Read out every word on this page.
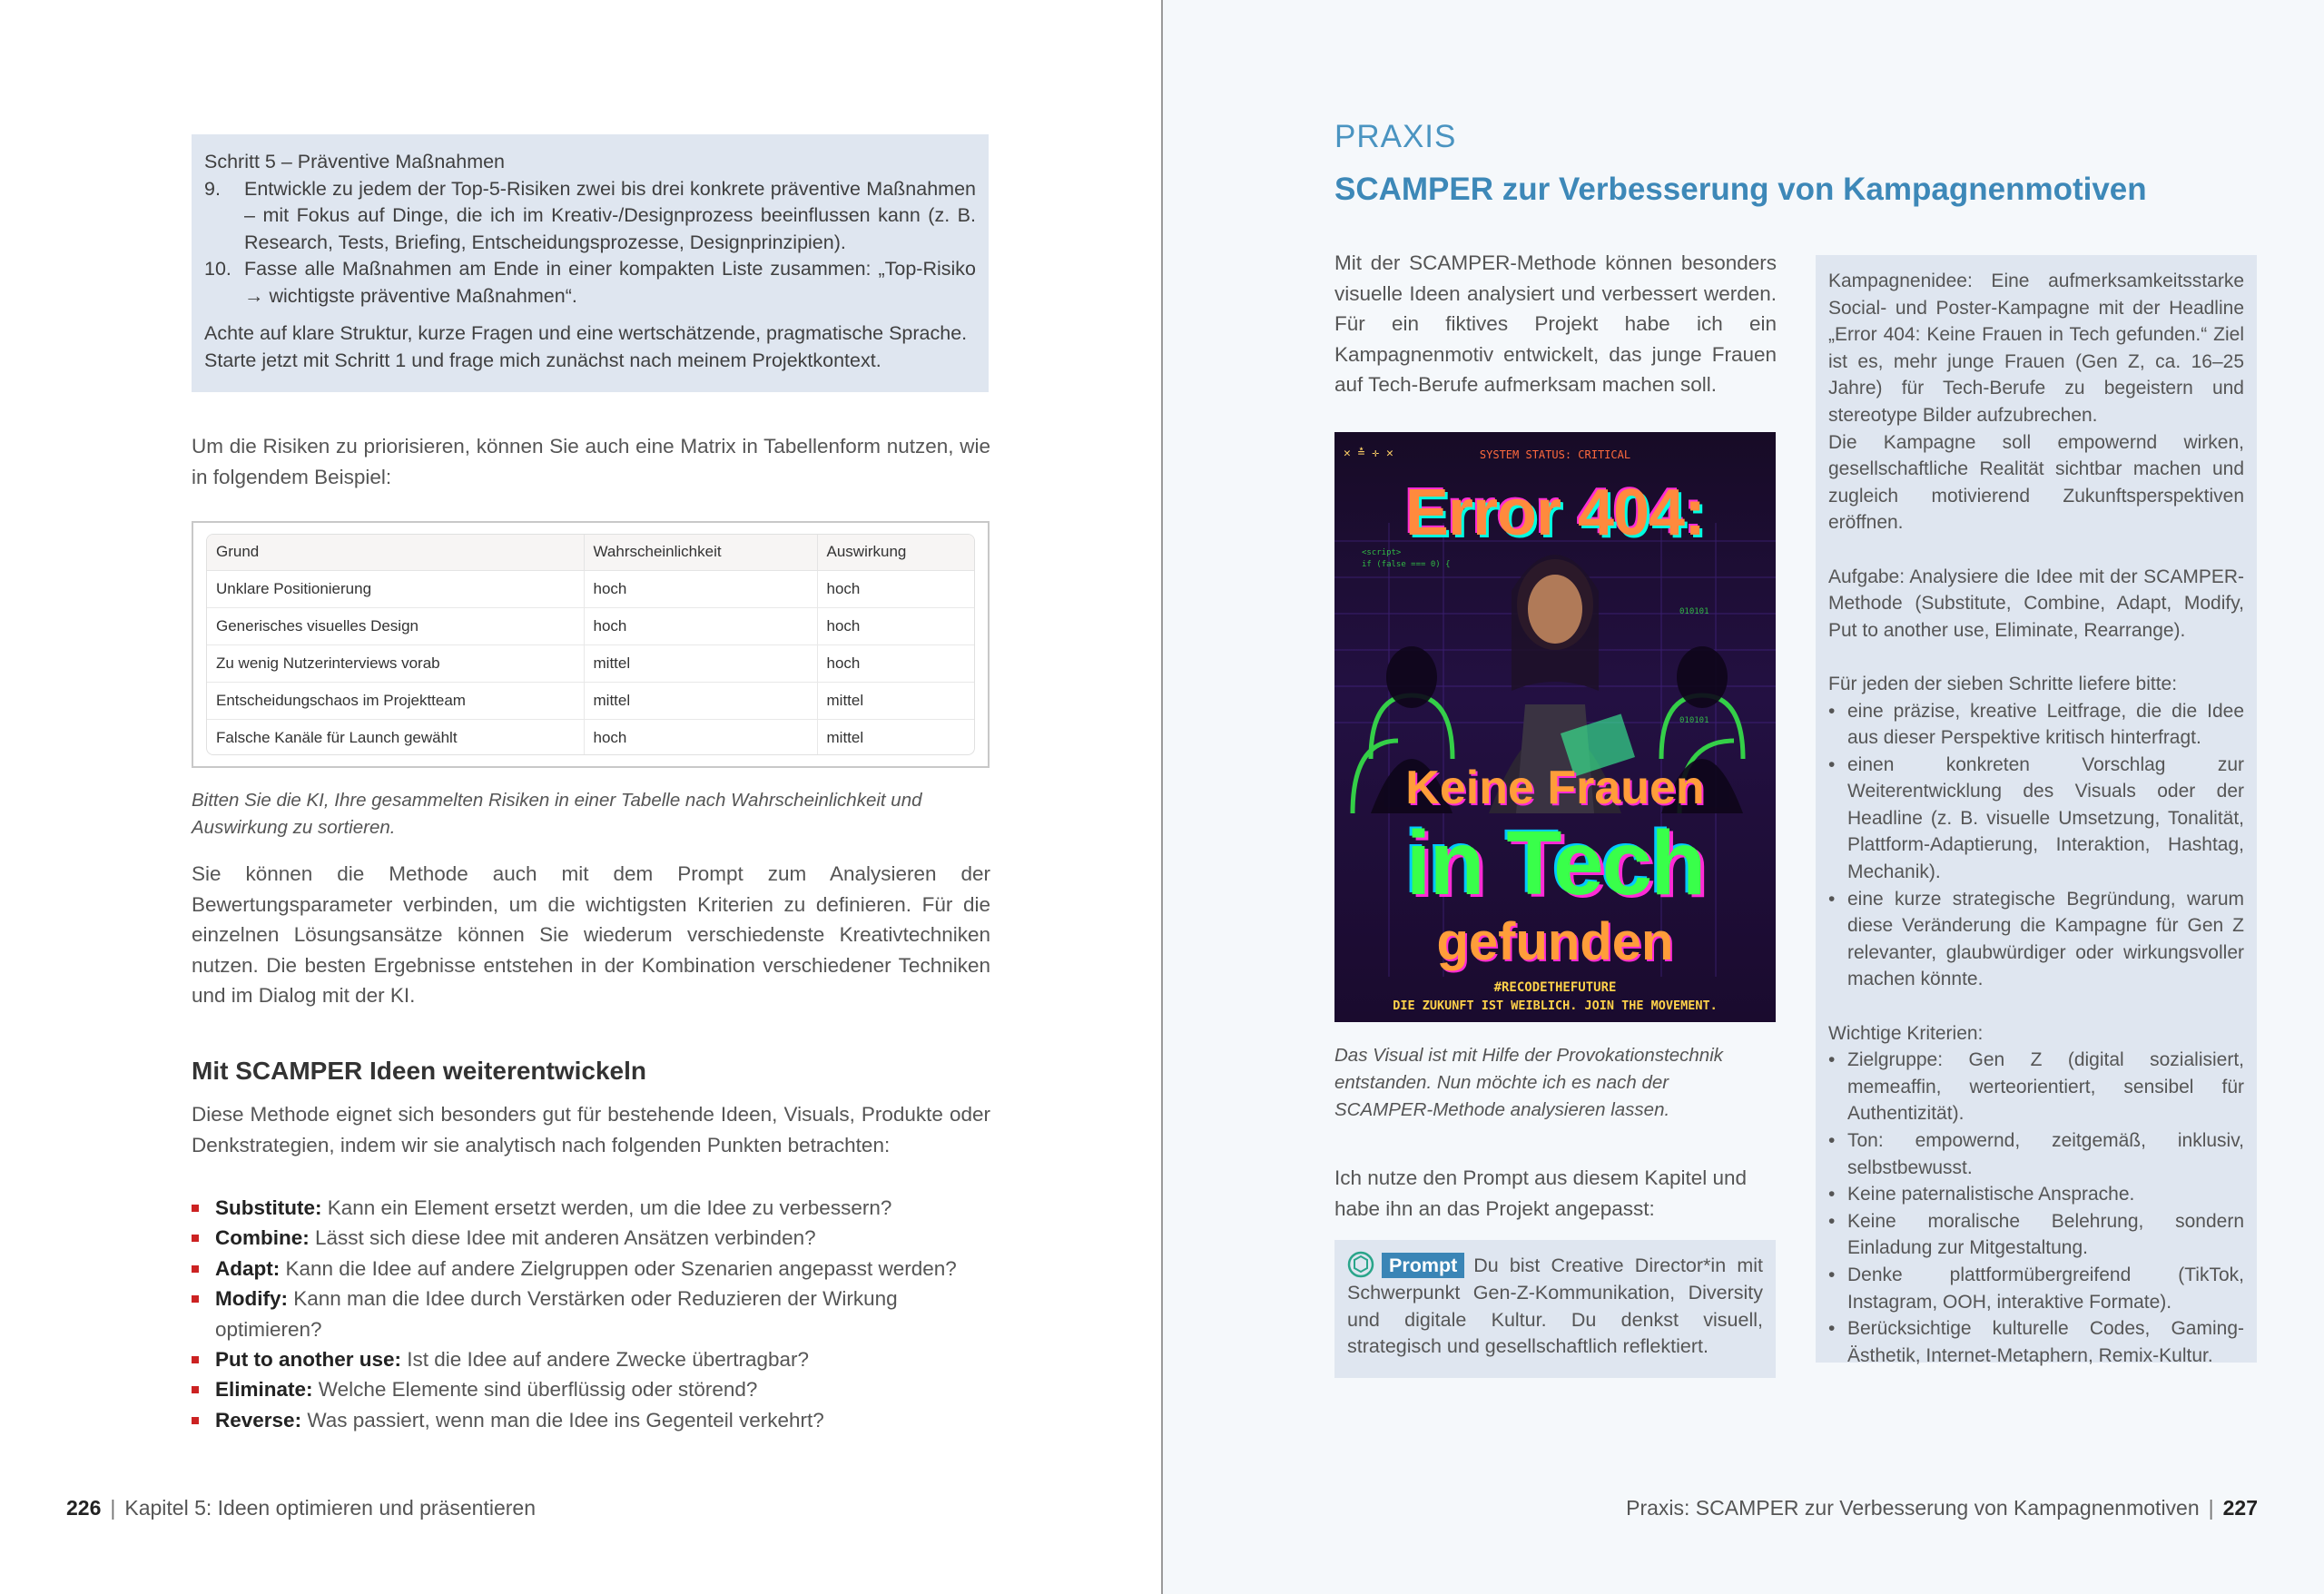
Schritt 5 – Präventive Maßnahmen
9.	Entwickle zu jedem der Top-5-Risiken zwei bis drei konkrete präventive Maßnahmen – mit Fokus auf Dinge, die ich im Kreativ-/Designprozess beeinflussen kann (z. B. Research, Tests, Briefing, Entscheidungsprozesse, Designprinzipien).
10. Fasse alle Maßnahmen am Ende in einer kompakten Liste zusammen: „Top-Risiko → wichtigste präventive Maßnahmen“.
Achte auf klare Struktur, kurze Fragen und eine wertschätzende, pragmatische Sprache. Starte jetzt mit Schritt 1 und frage mich zunächst nach meinem Projektkontext.

Um die Risiken zu priorisieren, können Sie auch eine Matrix in Tabellenform nutzen, wie in folgendem Beispiel:

Grund	Wahrscheinlichkeit	Auswirkung
Unklare Positionierung	hoch	hoch
Generisches visuelles Design	hoch	hoch
Zu wenig Nutzerinterviews vorab	mittel	hoch
Entscheidungschaos im Projektteam	mittel	mittel
Falsche Kanäle für Launch gewählt	hoch	mittel

Bitten Sie die KI, Ihre gesammelten Risiken in einer Tabelle nach Wahrscheinlichkeit und Auswirkung zu sortieren.

Sie können die Methode auch mit dem Prompt zum Analysieren der Bewertungsparameter verbinden, um die wichtigsten Kriterien zu definieren. Für die einzelnen Lösungsansätze können Sie wiederum verschiedenste Kreativtechniken nutzen. Die besten Ergebnisse entstehen in der Kombination verschiedener Techniken und im Dialog mit der KI.

Mit SCAMPER Ideen weiterentwickeln

Diese Methode eignet sich besonders gut für bestehende Ideen, Visuals, Produkte oder Denkstrategien, indem wir sie analytisch nach folgenden Punkten betrachten:

Substitute: Kann ein Element ersetzt werden, um die Idee zu verbessern?
Combine: Lässt sich diese Idee mit anderen Ansätzen verbinden?
Adapt: Kann die Idee auf andere Zielgruppen oder Szenarien angepasst werden?
Modify: Kann man die Idee durch Verstärken oder Reduzieren der Wirkung optimieren?
Put to another use: Ist die Idee auf andere Zwecke übertragbar?
Eliminate: Welche Elemente sind überflüssig oder störend?
Reverse: Was passiert, wenn man die Idee ins Gegenteil verkehrt?
226 | Kapitel 5: Ideen optimieren und präsentieren
PRAXIS
SCAMPER zur Verbesserung von Kampagnenmotiven

Mit der SCAMPER-Methode können besonders visuelle Ideen analysiert und verbessert werden. Für ein fiktives Projekt habe ich ein Kampagnenmotiv entwickelt, das junge Frauen auf Tech-Berufe aufmerksam machen soll.

<script>
if (false === 0) {
010101
010101
✕ ≛ ✛ ✕	SYSTEM STATUS: CRITICAL
Error 404:
Keine Frauen
in Tech
gefunden
#RECODETHEFUTURE
DIE ZUKUNFT IST WEIBLICH. JOIN THE MOVEMENT.

Das Visual ist mit Hilfe der Provokationstechnik entstanden. Nun möchte ich es nach der SCAMPER-Methode analysieren lassen.

Ich nutze den Prompt aus diesem Kapitel und habe ihn an das Projekt angepasst:

Prompt Du bist Creative Director*in mit Schwerpunkt Gen-Z-Kommunikation, Diversity und digitale Kultur. Du denkst visuell, strategisch und gesellschaftlich reflektiert.
Kampagnenidee: Eine aufmerksamkeitsstarke Social- und Poster-Kampagne mit der Headline „Error 404: Keine Frauen in Tech gefunden.“ Ziel ist es, mehr junge Frauen (Gen Z, ca. 16–25 Jahre) für Tech-Berufe zu begeistern und stereotype Bilder aufzubrechen.
Die Kampagne soll empowernd wirken, gesellschaftliche Realität sichtbar machen und zugleich motivierend Zukunftsperspektiven eröffnen.
Aufgabe: Analysiere die Idee mit der SCAMPER-Methode (Substitute, Combine, Adapt, Modify, Put to another use, Eliminate, Rearrange).
Für jeden der sieben Schritte liefere bitte:
• eine präzise, kreative Leitfrage, die die Idee aus dieser Perspektive kritisch hinterfragt.
• einen konkreten Vorschlag zur Weiterentwicklung des Visuals oder der Headline (z. B. visuelle Umsetzung, Tonalität, Plattform-Adaptierung, Interaktion, Hashtag, Mechanik).
• eine kurze strategische Begründung, warum diese Veränderung die Kampagne für Gen Z relevanter, glaubwürdiger oder wirkungsvoller machen könnte.
Wichtige Kriterien:
• Zielgruppe: Gen Z (digital sozialisiert, memeaffin, werteorientiert, sensibel für Authentizität).
• Ton: empowernd, zeitgemäß, inklusiv, selbstbewusst.
• Keine paternalistische Ansprache.
• Keine moralische Belehrung, sondern Einladung zur Mitgestaltung.
• Denke plattformübergreifend (TikTok, Instagram, OOH, interaktive Formate).
• Berücksichtige kulturelle Codes, Gaming-Ästhetik, Internet-Metaphern, Remix-Kultur.
Praxis: SCAMPER zur Verbesserung von Kampagnenmotiven | 227
